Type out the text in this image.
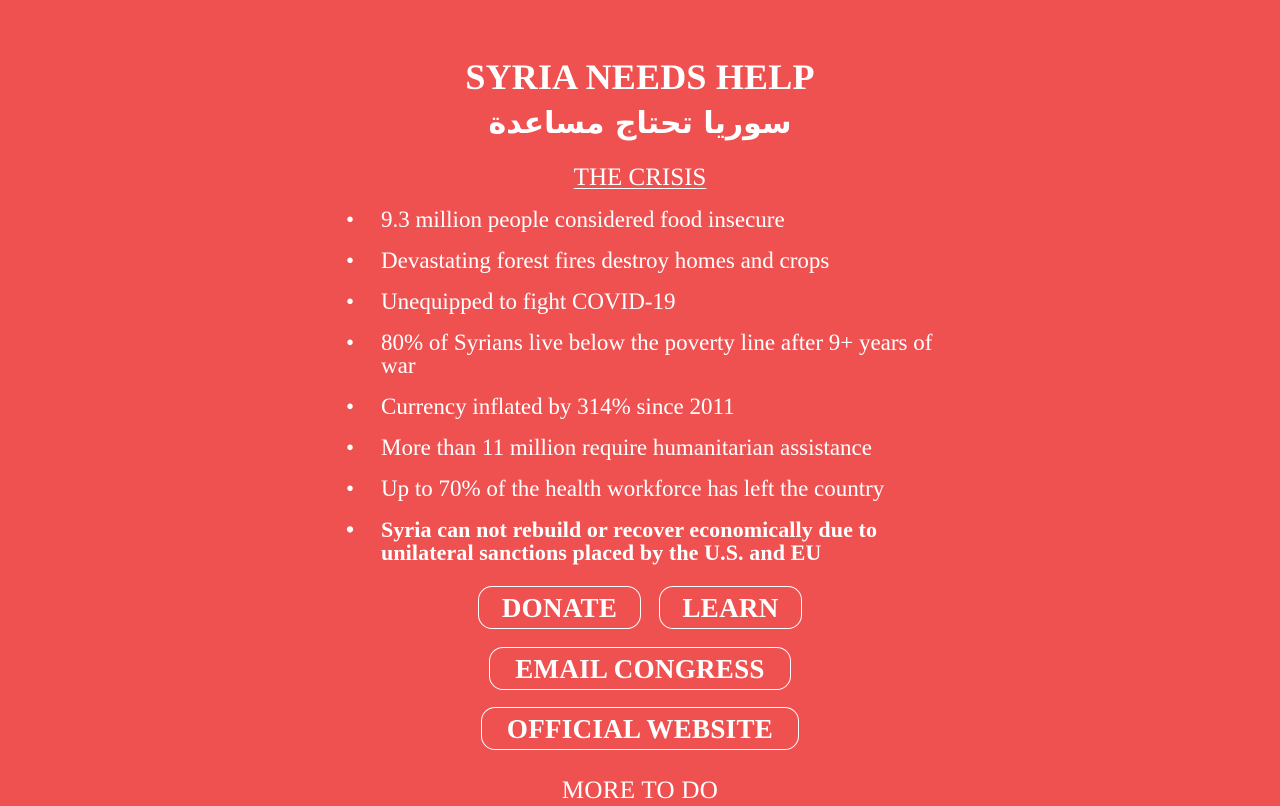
SYRIA NEEDS HELP
سوريا تحتاج مساعدة
THE CRISIS
• 9.3 million people considered food insecure
• Devastating forest fires destroy homes and crops
• Unequipped to fight COVID-19
• 80% of Syrians live below the poverty line after 9+ years of war
• Currency inflated by 314% since 2011
• More than 11 million require humanitarian assistance
• Up to 70% of the health workforce has left the country
• Syria can not rebuild or recover economically due to unilateral sanctions placed by the U.S. and EU
DONATE	LEARN
EMAIL CONGRESS
OFFICIAL WEBSITE
MORE TO DO
